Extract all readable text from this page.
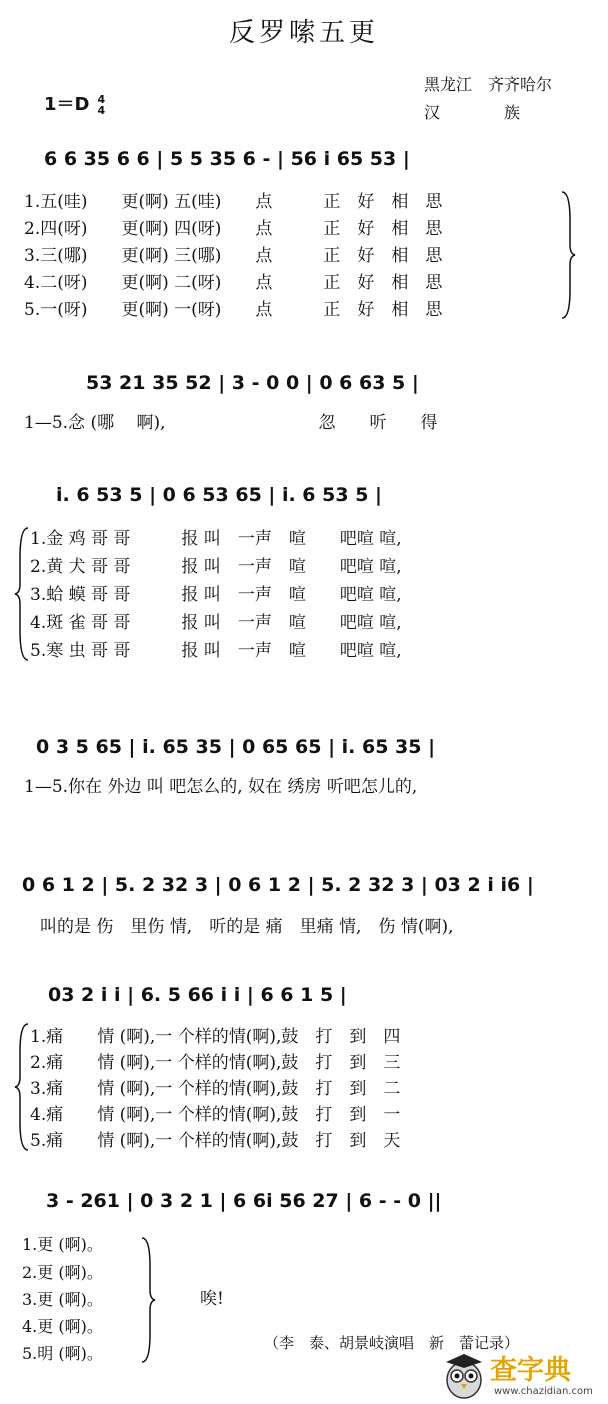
反罗嗦五更
黑龙江　齐齐哈尔
汉　　　　族
1＝D 4
4
6 6 35 6 6 | 5 5 35 6 - | 56 i 65 53 |
1.五(哇)　　更(啊) 五(哇)　　点　　　正　好　相　思
2.四(呀)　　更(啊) 四(呀)　　点　　　正　好　相　思
3.三(哪)　　更(啊) 三(哪)　　点　　　正　好　相　思
4.二(呀)　　更(啊) 二(呀)　　点　　　正　好　相　思
5.一(呀)　　更(啊) 一(呀)　　点　　　正　好　相　思
53 21 35 52 | 3 - 0 0 | 0 6 63 5 |
1—5.念 (哪　 啊),　　　　　　　　　忽　　听　　得
i. 6 53 5 | 0 6 53 65 | i. 6 53 5 |
1.金 鸡 哥 哥　　　报 叫　一声　喧　　吧喧 喧,
2.黄 犬 哥 哥　　　报 叫　一声　喧　　吧喧 喧,
3.蛤 蟆 哥 哥　　　报 叫　一声　喧　　吧喧 喧,
4.斑 雀 哥 哥　　　报 叫　一声　喧　　吧喧 喧,
5.寒 虫 哥 哥　　　报 叫　一声　喧　　吧喧 喧,
0 3 5 65 | i. 65 35 | 0 65 65 | i. 65 35 |
1—5.你在 外边 叫 吧怎么的, 奴在 绣房 听吧怎儿的,
0 6 1 2 | 5. 2 32 3 | 0 6 1 2 | 5. 2 32 3 | 03 2 i i6 |
叫的是 伤　里伤 情,　听的是 痛　里痛 情,　伤 情(啊),
03 2 i i | 6. 5 66 i i | 6 6 1 5 |
1.痛　　情 (啊),一 个样的情(啊),鼓　打　到　四
2.痛　　情 (啊),一 个样的情(啊),鼓　打　到　三
3.痛　　情 (啊),一 个样的情(啊),鼓　打　到　二
4.痛　　情 (啊),一 个样的情(啊),鼓　打　到　一
5.痛　　情 (啊),一 个样的情(啊),鼓　打　到　天
3 - 261 | 0 3 2 1 | 6 6i 56 27 | 6 - - 0 ||
1.更 (啊)。
2.更 (啊)。
3.更 (啊)。
4.更 (啊)。
5.明 (啊)。
唉!
（李　泰、胡景岐演唱　新　蕾记录）
查字典
www.chazidian.com
